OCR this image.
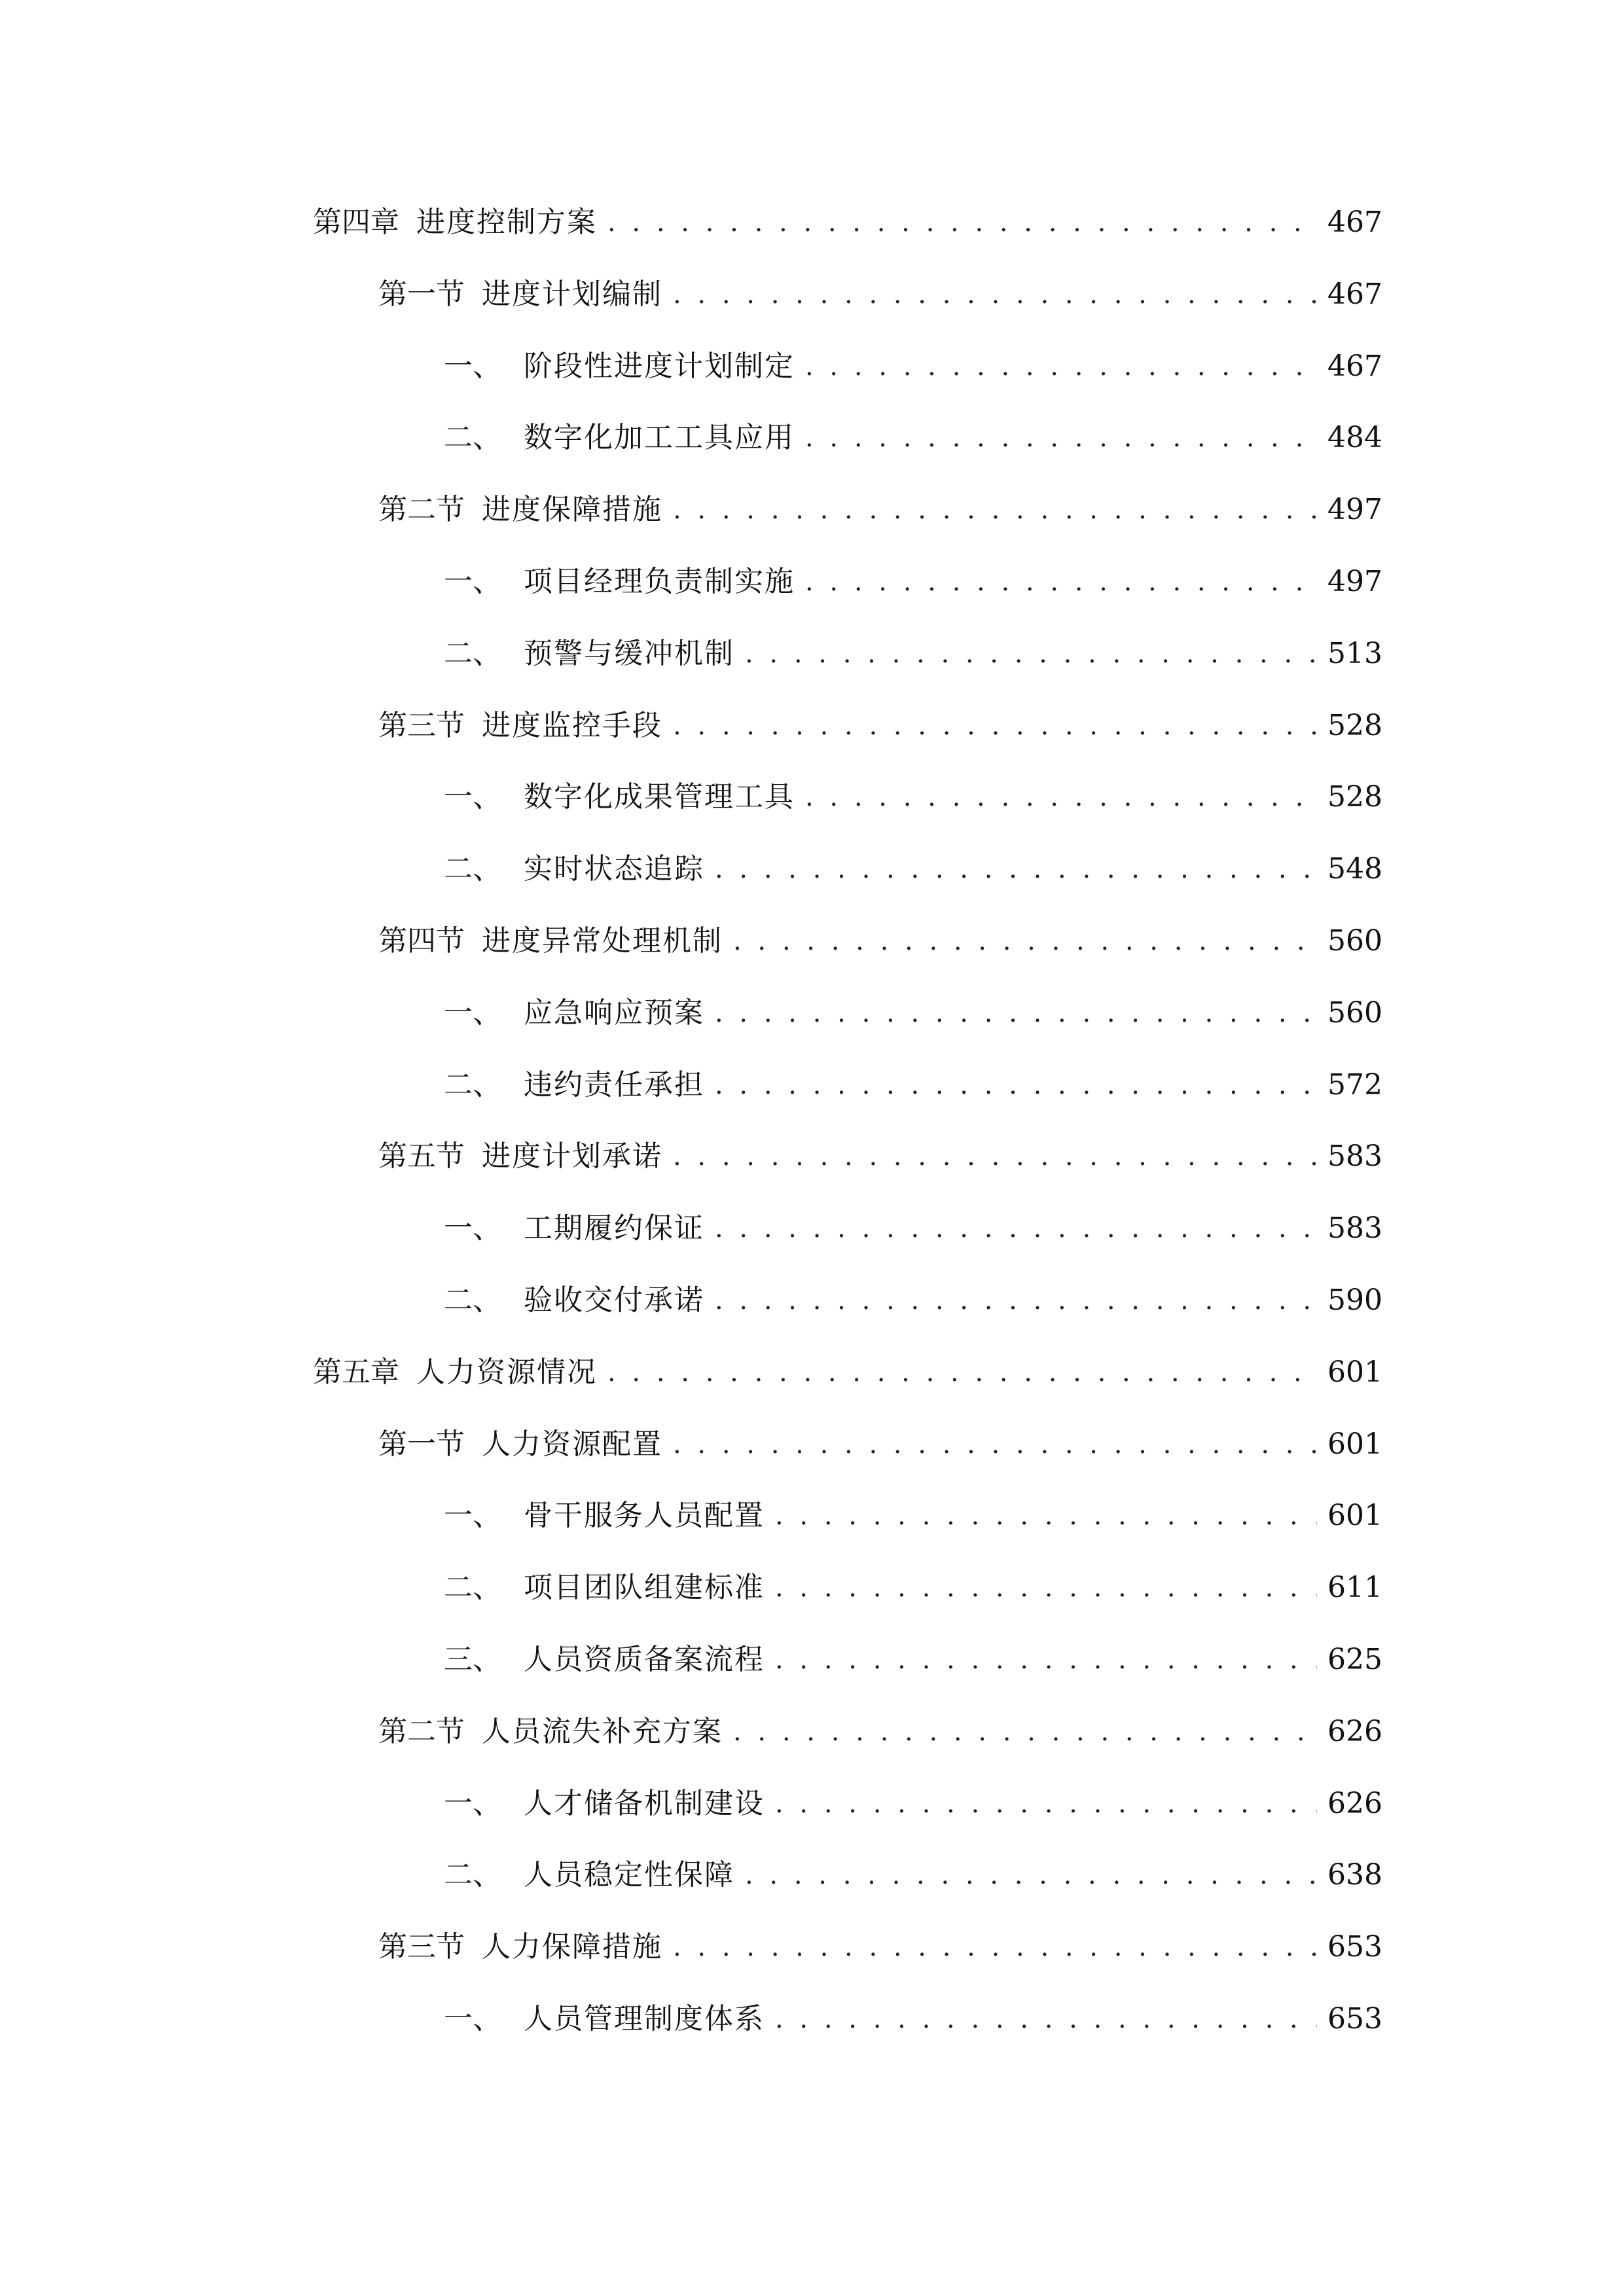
第四章 进度控制方案 . . .	467
第一节 进度计划编制 . . .	467
一、 阶段性进度计划制定 . . .	467
二、 数字化加工工具应用 . . .	484
第二节 进度保障措施 . . .	497
一、 项目经理负责制实施 . . .	497
二、 预警与缓冲机制 . . .	513
第三节 进度监控手段 . . .	528
一、 数字化成果管理工具 . . .	528
二、 实时状态追踪 . . .	548
第四节 进度异常处理机制 . . .	560
一、 应急响应预案 . . .	560
二、 违约责任承担 . . .	572
第五节 进度计划承诺 . . .	583
一、 工期履约保证 . . .	583
二、 验收交付承诺 . . .	590
第五章 人力资源情况 . . .	601
第一节 人力资源配置 . . .	601
一、 骨干服务人员配置 . . .	601
二、 项目团队组建标准 . . .	611
三、 人员资质备案流程 . . .	625
第二节 人员流失补充方案 . . .	626
一、 人才储备机制建设 . . .	626
二、 人员稳定性保障 . . .	638
第三节 人力保障措施 . . .	653
一、 人员管理制度体系 . . .	653
